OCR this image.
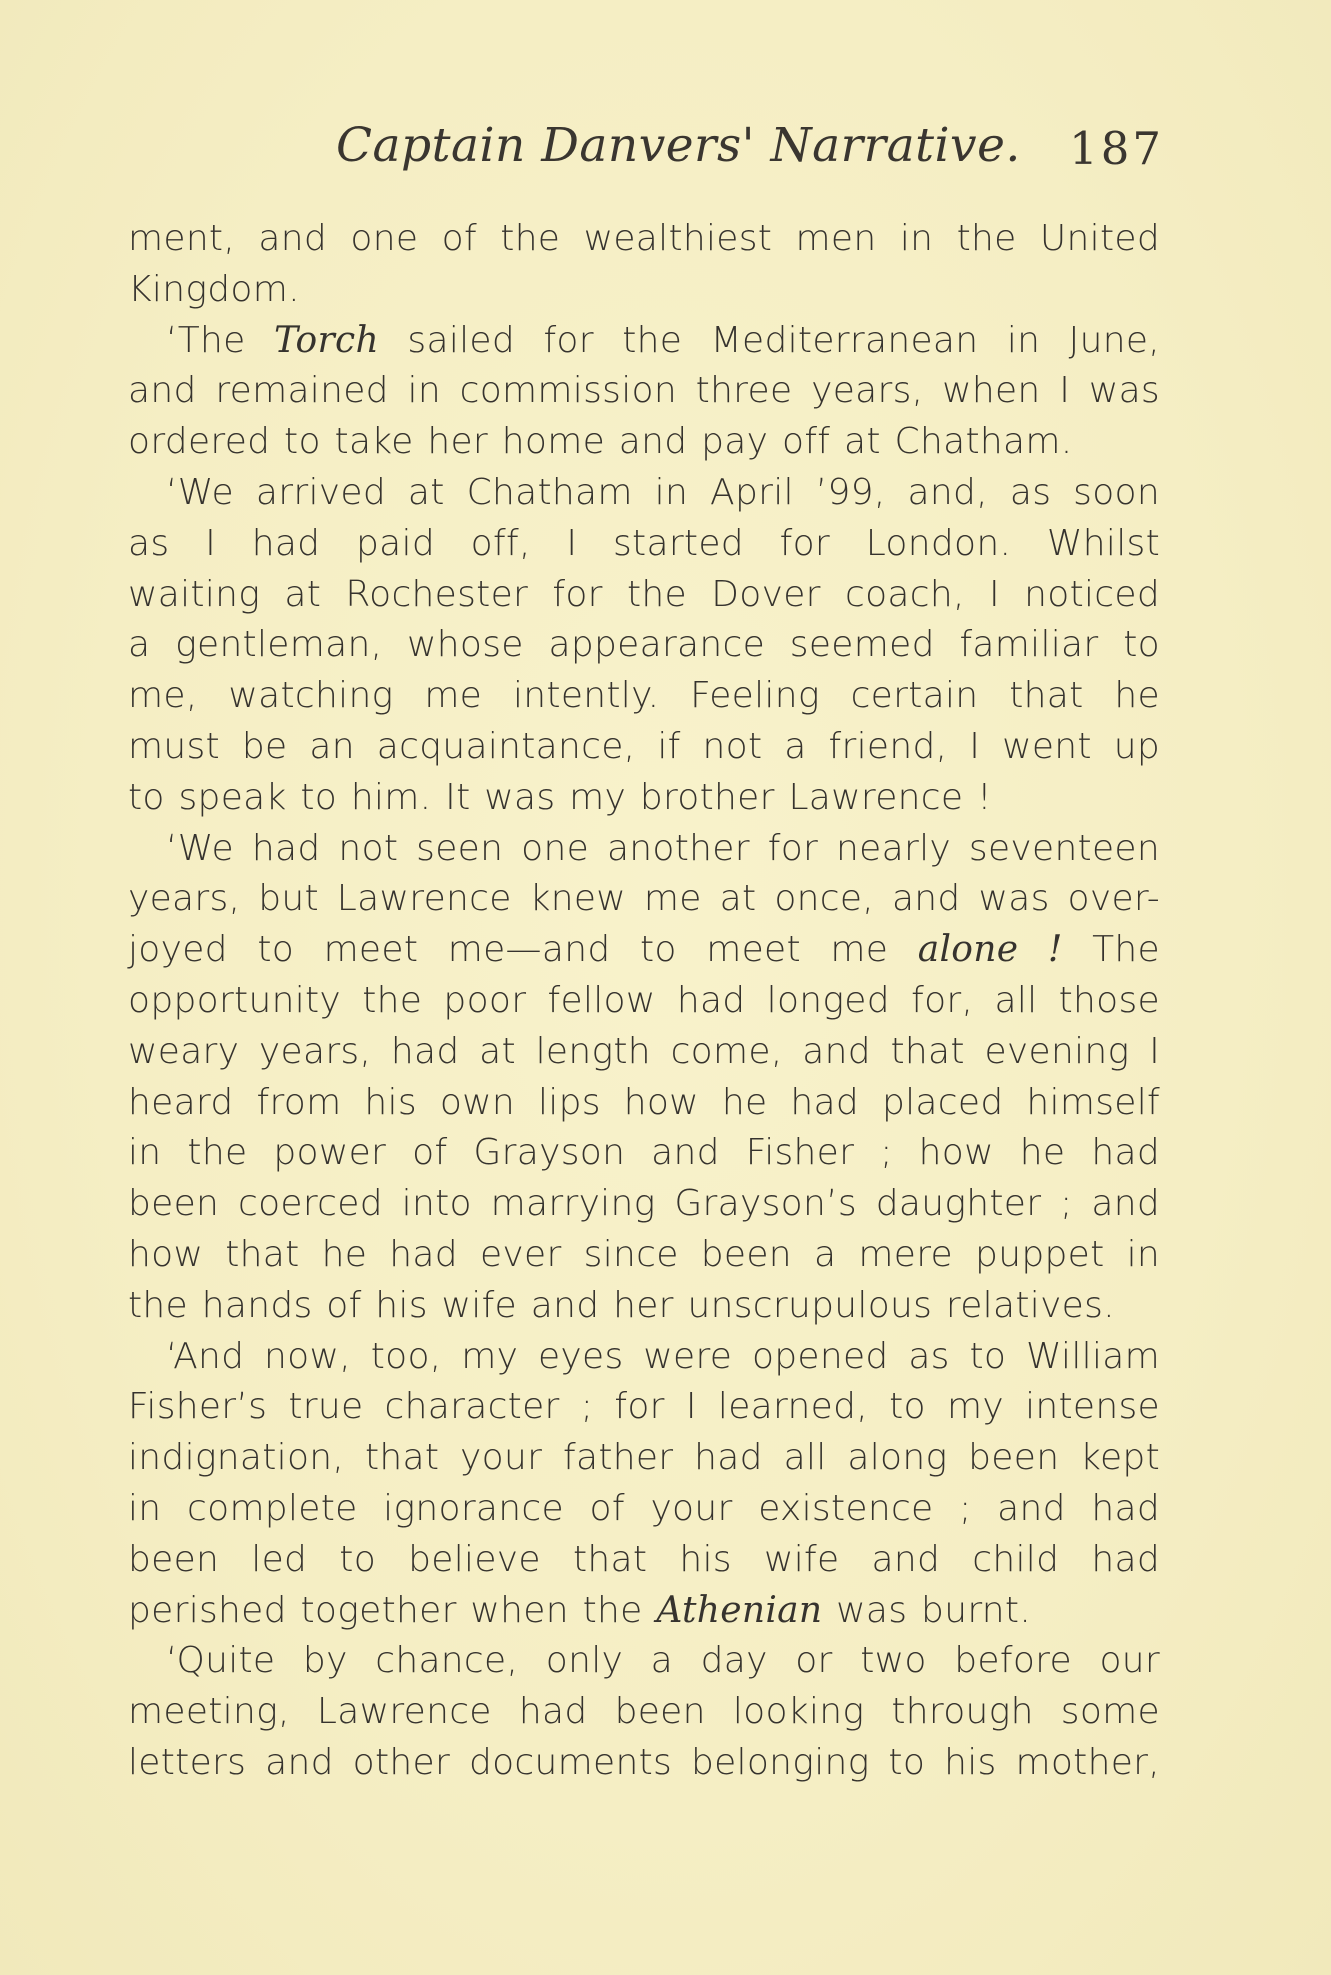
Captain Danvers' Narrative. 187
ment, and one of the wealthiest men in the United
Kingdom.
‘The Torch sailed for the Mediterranean in June,
and remained in commission three years, when I was
ordered to take her home and pay off at Chatham.
‘We arrived at Chatham in April ’99, and, as soon
as I had paid off, I started for London. Whilst
waiting at Rochester for the Dover coach, I noticed
a gentleman, whose appearance seemed familiar to
me, watching me intently. Feeling certain that he
must be an acquaintance, if not a friend, I went up
to speak to him. It was my brother Lawrence !
‘We had not seen one another for nearly seventeen
years, but Lawrence knew me at once, and was over-
joyed to meet me—and to meet me alone ! The
opportunity the poor fellow had longed for, all those
weary years, had at length come, and that evening I
heard from his own lips how he had placed himself
in the power of Grayson and Fisher ; how he had
been coerced into marrying Grayson’s daughter ; and
how that he had ever since been a mere puppet in
the hands of his wife and her unscrupulous relatives.
‘And now, too, my eyes were opened as to William
Fisher’s true character ; for I learned, to my intense
indignation, that your father had all along been kept
in complete ignorance of your existence ; and had
been led to believe that his wife and child had
perished together when the Athenian was burnt.
‘Quite by chance, only a day or two before our
meeting, Lawrence had been looking through some
letters and other documents belonging to his mother,
